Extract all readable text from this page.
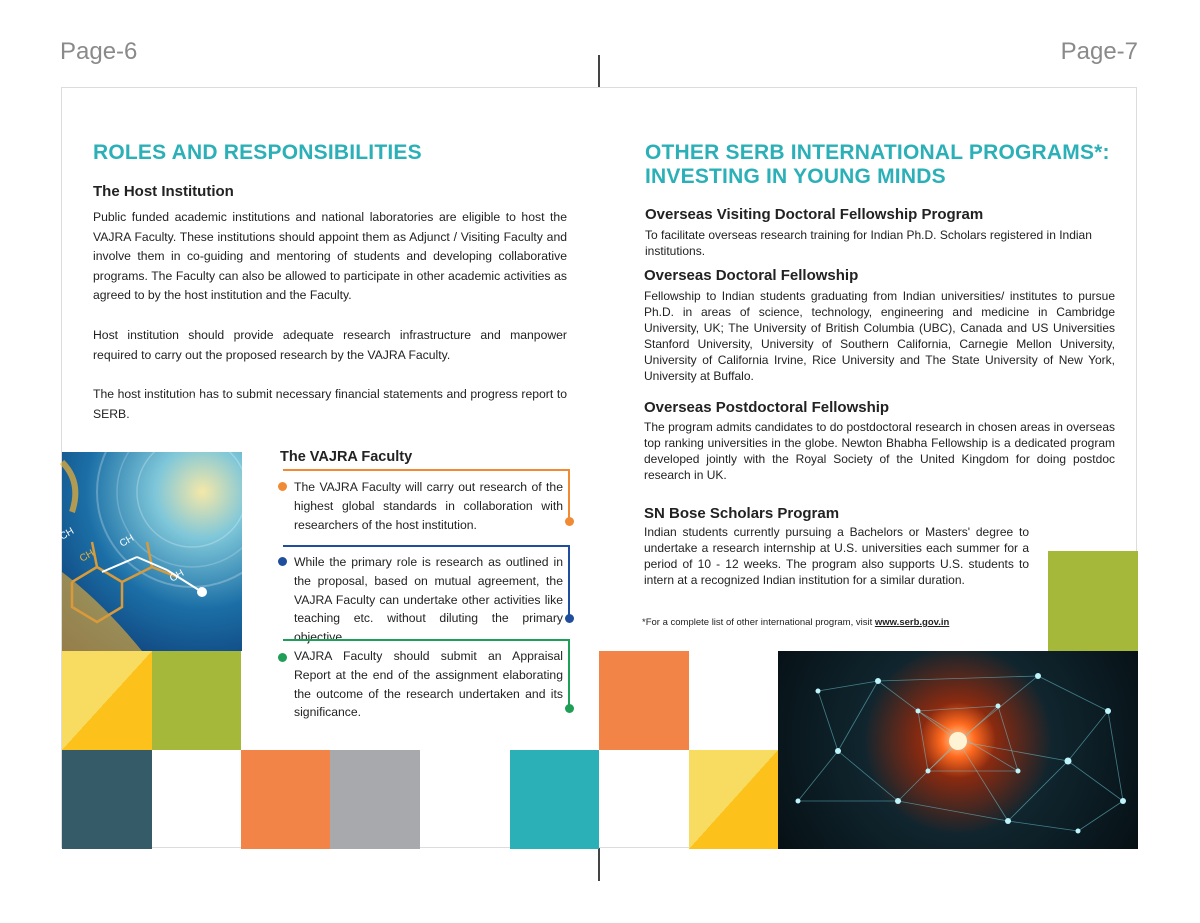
Page-6	Page-7
ROLES AND RESPONSIBILITIES
The Host Institution

Public funded academic institutions and national laboratories are eligible to host the VAJRA Faculty. These institutions should appoint them as Adjunct / Visiting Faculty and involve them in co-guiding and mentoring of students and developing collaborative programs. The Faculty can also be allowed to participate in other academic activities as agreed to by the host institution and the Faculty.

Host institution should provide adequate research infrastructure and manpower required to carry out the proposed research by the VAJRA Faculty.

The host institution has to submit necessary financial statements and progress report to SERB.

CH
CH
CH
CH
The VAJRA Faculty

The VAJRA Faculty will carry out research of the highest global standards in collaboration with researchers of the host institution.

While the primary role is research as outlined in the proposal, based on mutual agreement, the VAJRA Faculty can undertake other activities like teaching etc. without diluting the primary objective.

VAJRA Faculty should submit an Appraisal Report at the end of the assignment elaborating the outcome of the research undertaken and its significance.

OTHER SERB INTERNATIONAL PROGRAMS*:
INVESTING IN YOUNG MINDS
Overseas Visiting Doctoral Fellowship Program

To facilitate overseas research training for Indian Ph.D. Scholars registered in Indian institutions.

Overseas Doctoral Fellowship

Fellowship to Indian students graduating from Indian universities/ institutes to pursue Ph.D. in areas of science, technology, engineering and medicine in Cambridge University, UK; The University of British Columbia (UBC), Canada and US Universities Stanford University, University of Southern California, Carnegie Mellon University, University of California Irvine, Rice University and The State University of New York, University at Buffalo.

Overseas Postdoctoral Fellowship

The program admits candidates to do postdoctoral research in chosen areas in overseas top ranking universities in the globe. Newton Bhabha Fellowship is a dedicated program developed jointly with the Royal Society of the United Kingdom for doing postdoc research in UK.

SN Bose Scholars Program

Indian students currently pursuing a Bachelors or Masters' degree to undertake a research internship at U.S. universities each summer for a period of 10 - 12 weeks. The program also supports U.S. students to intern at a recognized Indian institution for a similar duration.

*For a complete list of other international program, visit www.serb.gov.in
